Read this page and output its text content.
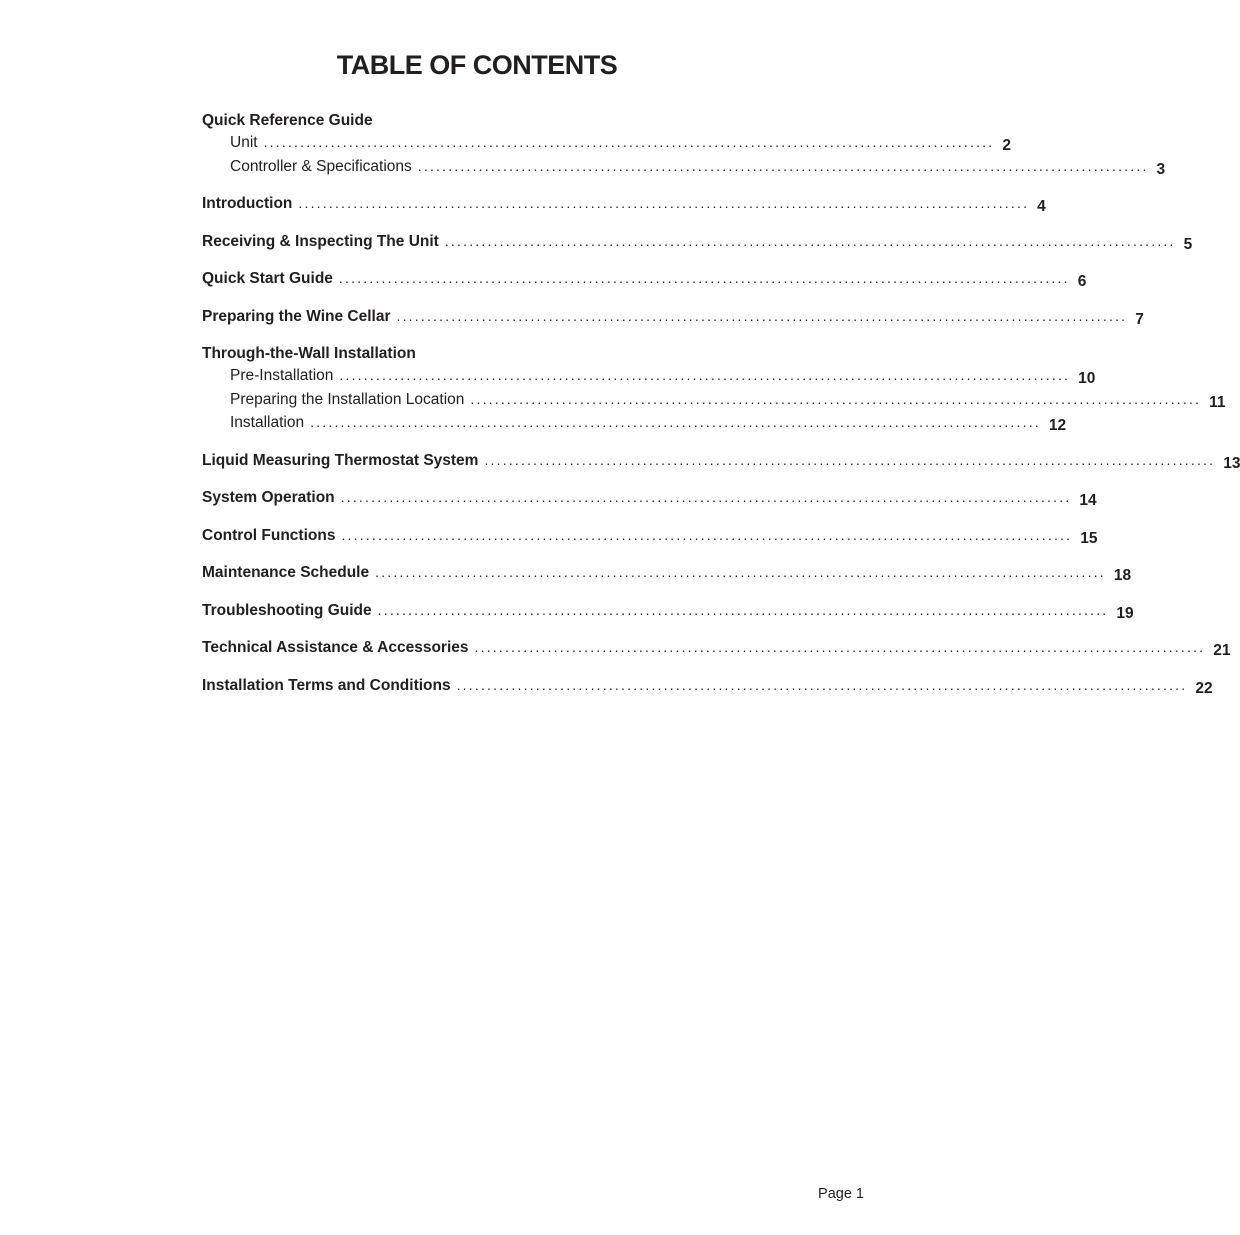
TABLE OF CONTENTS
Quick Reference Guide
Unit ........................................................................................................................ 2
Controller & Specifications ........................................................................................................................ 3
Introduction ........................................................................................................................ 4
Receiving & Inspecting The Unit ........................................................................................................................ 5
Quick Start Guide ........................................................................................................................ 6
Preparing the Wine Cellar ........................................................................................................................ 7
Through-the-Wall Installation
Pre-Installation ........................................................................................................................ 10
Preparing the Installation Location ........................................................................................................................ 11
Installation ........................................................................................................................ 12
Liquid Measuring Thermostat System ........................................................................................................................ 13
System Operation ........................................................................................................................ 14
Control Functions ........................................................................................................................ 15
Maintenance Schedule ........................................................................................................................ 18
Troubleshooting Guide ........................................................................................................................ 19
Technical Assistance & Accessories ........................................................................................................................ 21
Installation Terms and Conditions ........................................................................................................................ 22
Page 1
